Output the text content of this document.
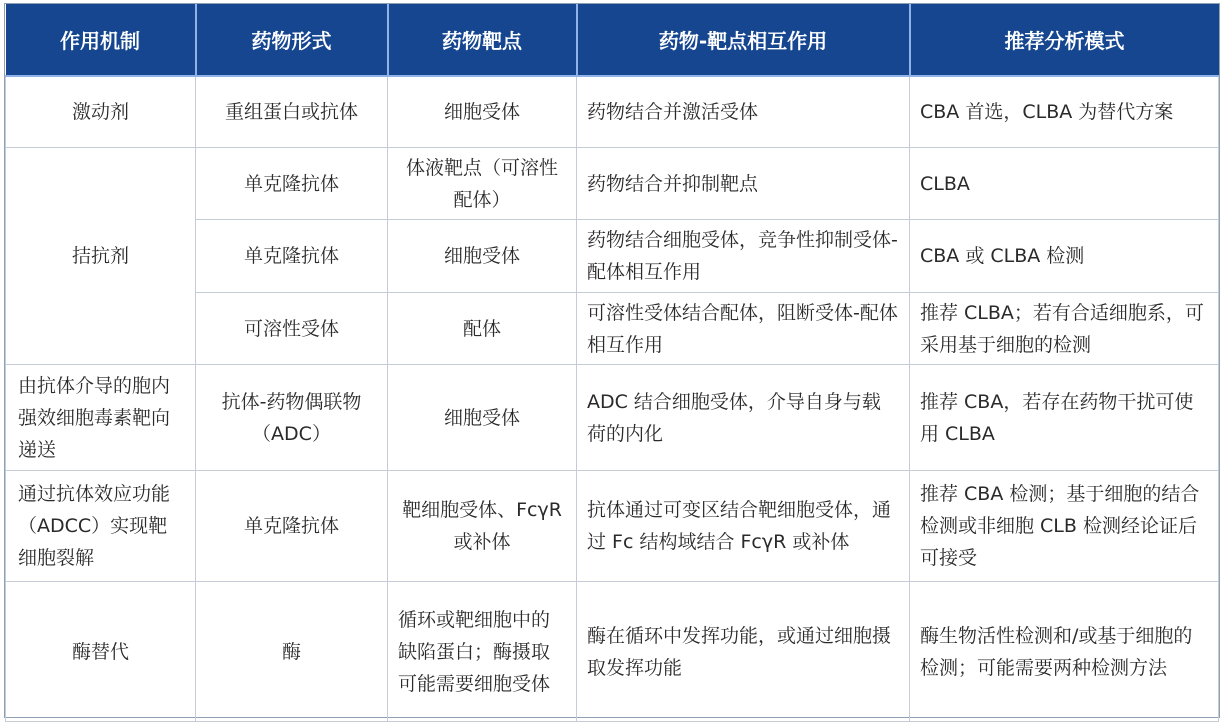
作用机制	药物形式	药物靶点	药物-靶点相互作用	推荐分析模式
激动剂	重组蛋白或抗体	细胞受体	药物结合并激活受体	CBA 首选，CLBA 为替代方案
拮抗剂	单克隆抗体	体液靶点（可溶性配体）	药物结合并抑制靶点	CLBA
	单克隆抗体	细胞受体	药物结合细胞受体，竞争性抑制受体-配体相互作用	CBA 或 CLBA 检测
	可溶性受体	配体	可溶性受体结合配体，阻断受体-配体相互作用	推荐 CLBA；若有合适细胞系，可采用基于细胞的检测
由抗体介导的胞内强效细胞毒素靶向递送	抗体-药物偶联物（ADC）	细胞受体	ADC 结合细胞受体，介导自身与载荷的内化	推荐 CBA，若存在药物干扰可使用 CLBA
通过抗体效应功能（ADCC）实现靶细胞裂解	单克隆抗体	靶细胞受体、FcγR 或补体	抗体通过可变区结合靶细胞受体，通过 Fc 结构域结合 FcγR 或补体	推荐 CBA 检测；基于细胞的结合检测或非细胞 CLB 检测经论证后可接受
酶替代	酶	循环或靶细胞中的缺陷蛋白；酶摄取可能需要细胞受体	酶在循环中发挥功能，或通过细胞摄取发挥功能	酶生物活性检测和/或基于细胞的检测；可能需要两种检测方法
